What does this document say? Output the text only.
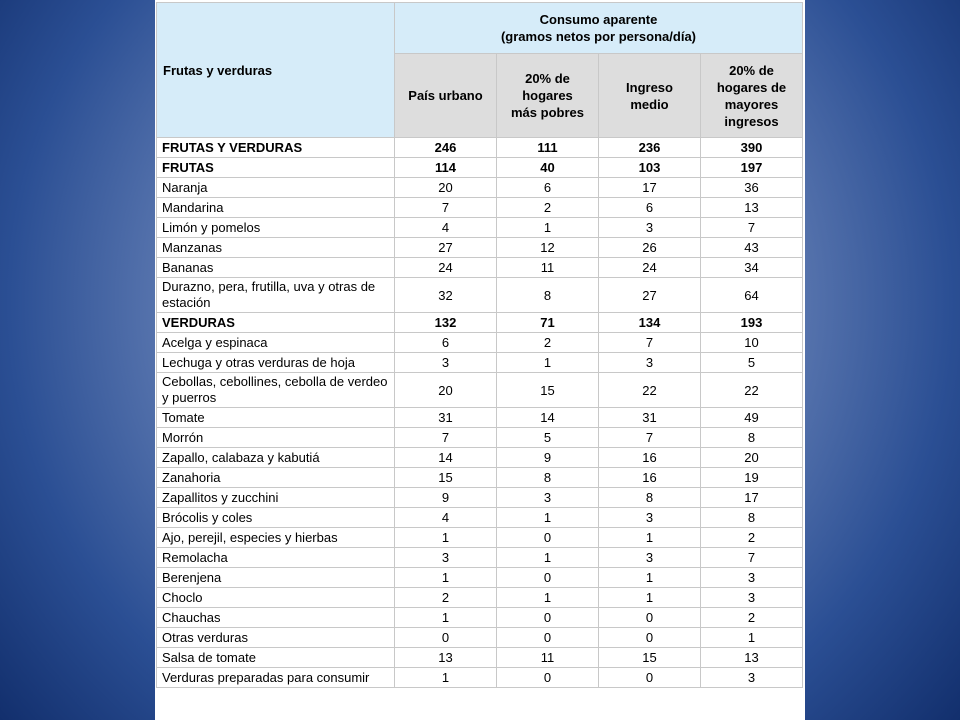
Frutas y verduras	Consumo aparente
(gramos netos por persona/día)			

	País urbano	20% de hogares más pobres	Ingreso medio	20% de hogares de mayores ingresos
FRUTAS Y VERDURAS	246	111	236	390
FRUTAS	114	40	103	197
Naranja	20	6	17	36
Mandarina	7	2	6	13
Limón y pomelos	4	1	3	7
Manzanas	27	12	26	43
Bananas	24	11	24	34
Durazno, pera, frutilla, uva y otras de estación	32	8	27	64
VERDURAS	132	71	134	193
Acelga y espinaca	6	2	7	10
Lechuga y otras verduras de hoja	3	1	3	5
Cebollas, cebollines, cebolla de verdeo y puerros	20	15	22	22
Tomate	31	14	31	49
Morrón	7	5	7	8
Zapallo, calabaza y kabutiá	14	9	16	20
Zanahoria	15	8	16	19
Zapallitos y zucchini	9	3	8	17
Brócolis y coles	4	1	3	8
Ajo, perejil, especies y hierbas	1	0	1	2
Remolacha	3	1	3	7
Berenjena	1	0	1	3
Choclo	2	1	1	3
Chauchas	1	0	0	2
Otras verduras	0	0	0	1
Salsa de tomate	13	11	15	13
Verduras preparadas para consumir	1	0	0	3
